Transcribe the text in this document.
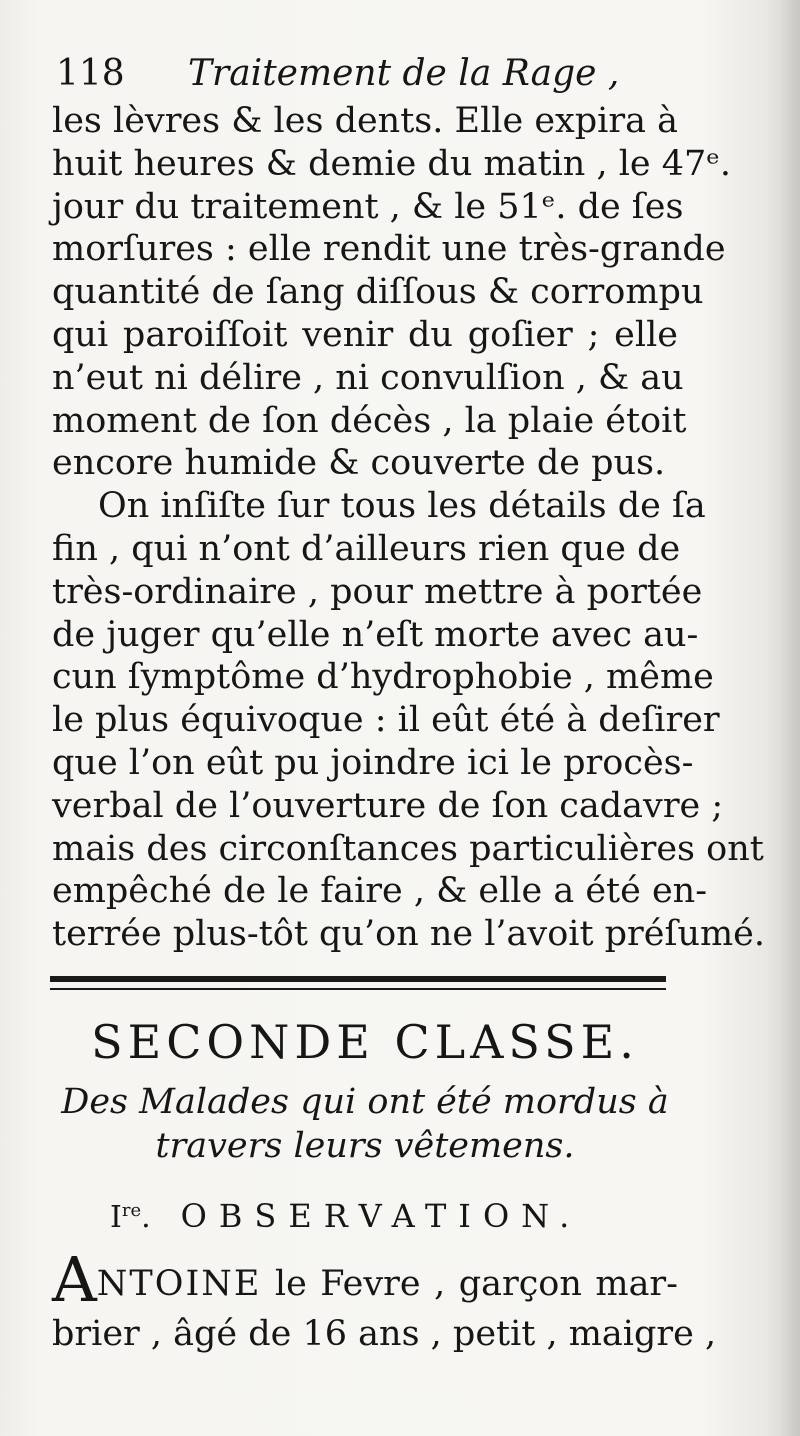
118 Traitement de la Rage ,
les lèvres & les dents. Elle expira à
huit heures & demie du matin , le 47ᵉ.
jour du traitement , & le 51ᵉ. de ſes
morſures : elle rendit une très-grande
quantité de ſang diſſous & corrompu
qui paroiſſoit venir du goſier ; elle
n’eut ni délire , ni convulſion , & au
moment de ſon décès , la plaie étoit
encore humide & couverte de pus.
On inſiſte ſur tous les détails de ſa
fin , qui n’ont d’ailleurs rien que de
très-ordinaire , pour mettre à portée
de juger qu’elle n’eſt morte avec au-
cun ſymptôme d’hydrophobie , même
le plus équivoque : il eût été à deſirer
que l’on eût pu joindre ici le procès-
verbal de l’ouverture de ſon cadavre ;
mais des circonſtances particulières ont
empêché de le faire , & elle a été en-
terrée plus-tôt qu’on ne l’avoit préſumé.
SECONDE CLASSE.
Des Malades qui ont été mordus à
travers leurs vêtemens.
Ire. OBSERVATION.
ANTOINE le Fevre , garçon mar-
brier , âgé de 16 ans , petit , maigre ,
